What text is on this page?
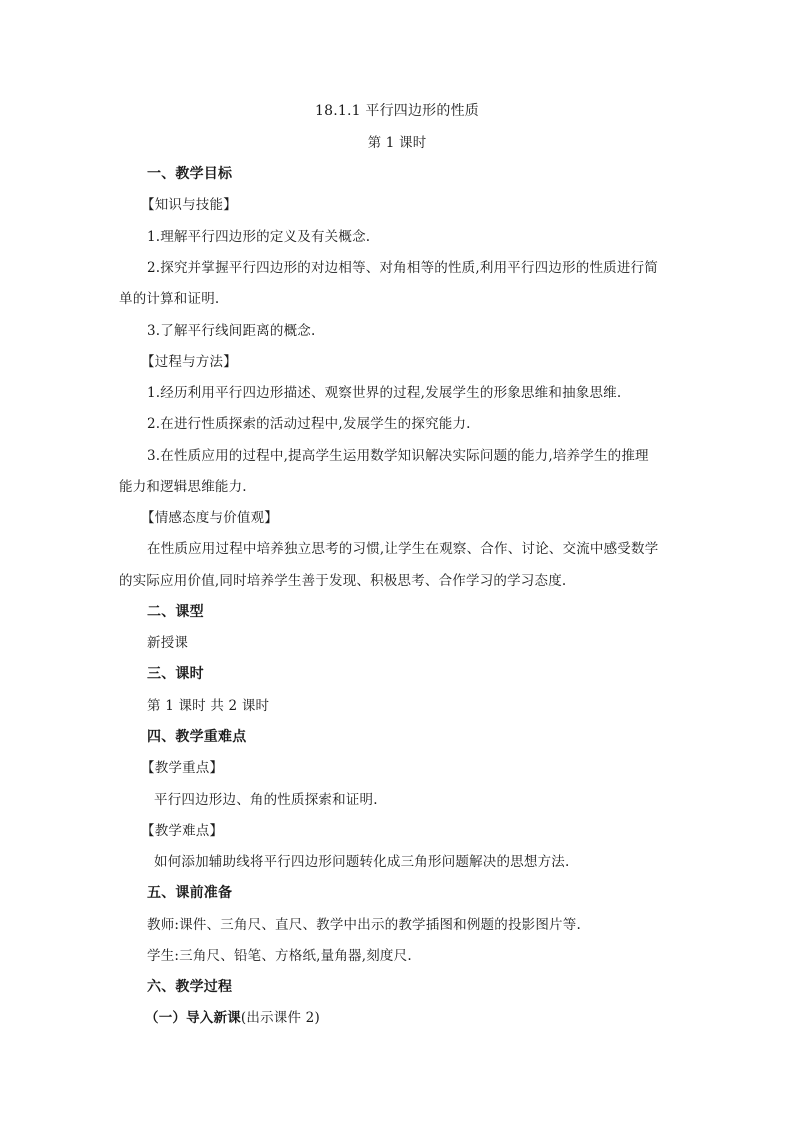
18.1.1 平行四边形的性质
第 1 课时
一、教学目标
【知识与技能】
1.理解平行四边形的定义及有关概念.
2.探究并掌握平行四边形的对边相等、对角相等的性质,利用平行四边形的性质进行简
单的计算和证明.
3.了解平行线间距离的概念.
【过程与方法】
1.经历利用平行四边形描述、观察世界的过程,发展学生的形象思维和抽象思维.
2.在进行性质探索的活动过程中,发展学生的探究能力.
3.在性质应用的过程中,提高学生运用数学知识解决实际问题的能力,培养学生的推理
能力和逻辑思维能力.
【情感态度与价值观】
在性质应用过程中培养独立思考的习惯,让学生在观察、合作、讨论、交流中感受数学
的实际应用价值,同时培养学生善于发现、积极思考、合作学习的学习态度.
二、课型
新授课
三、课时
第 1 课时 共 2 课时
四、教学重难点
【教学重点】
平行四边形边、角的性质探索和证明.
【教学难点】
如何添加辅助线将平行四边形问题转化成三角形问题解决的思想方法.
五、课前准备
教师:课件、三角尺、直尺、教学中出示的教学插图和例题的投影图片等.
学生:三角尺、铅笔、方格纸,量角器,刻度尺.
六、教学过程
（一）导入新课(出示课件 2)
